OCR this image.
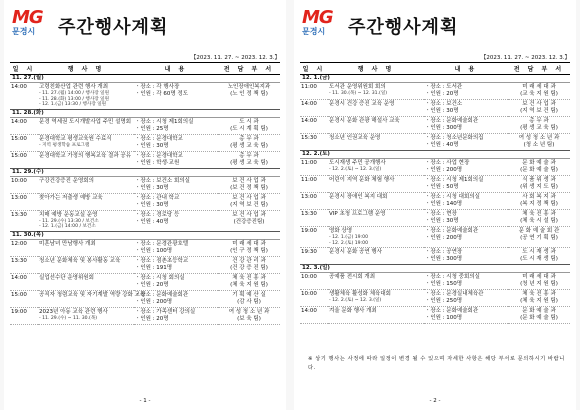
MG
문경시	주간행사계획
【2023. 11. 27. ~ 2023. 12. 3.】
일 시	행 사 명	내 용	전 담 부 서
11. 27.(월)			
14:00	고령친화산업 관련 행사 개최
- 11. 27.(월) 14:00 / 행사장 일원
- 11. 28.(화) 13:00 / 행사장 일원
- 12. 1.(금) 13:30 / 행사장 일원	ㆍ장소 : 각 행사장
ㆍ인원 : 각 60명 정도	노인장애인복지과
(노 인 정 책 팀)

11. 28.(화)			
14:00	문경 역세권 도시개발사업 주민 설명회	ㆍ장소 : 시청 제1회의실
ㆍ인원 : 25명	도 시 과
(도 시 계 획 팀)

15:00	문경대학교 평생교육원 수료식
- 지역 평생학습 프로그램	ㆍ장소 : 문경대학교
ㆍ인원 : 30명	총 무 과
(평 생 교 육 팀)

15:00	문경대학교 가정의 행복교육 결과 공유	ㆍ장소 : 문경대학교
ㆍ인원 : 학생·교원	총 무 과
(평 생 교 육 팀)

11. 29.(수)			
10:00	구강건강증진 운영회의	ㆍ장소 : 보건소 회의실
ㆍ인원 : 30명	보 건 사 업 과
(보 건 정 책 팀)

13:00	찾아가는 저출생 예방 교육	ㆍ장소 : 관내 학교
ㆍ인원 : 30명	보 건 사 업 과
(지 역 보 건 팀)

13:30	치매 예방 운동교실 운영
- 11. 29.(수) 13:30 / 보건소
- 12. 1.(금) 14:00 / 보건소	ㆍ장소 : 경로당 등
ㆍ인원 : 40명	보 건 사 업 과
(건강증진팀)

11. 30.(목)			
12:00	미혼남녀 만남행사 개최	ㆍ장소 : 문경관광호텔
ㆍ인원 : 100명	미 래 세 대 과
(인 구 정 책 팀)

13:30	청소년 문화체육 및 봉사활동 교육	ㆍ장소 : 점촌초등학교
ㆍ인원 : 191명	건 강 관 리 과
(건 강 증 진 팀)

14:00	실업선수단 운영위원회	ㆍ장소 : 시청 회의실
ㆍ인원 : 20명	체 육 진 흥 과
(체 육 지 원 팀)

15:00	공직자 청렴교육 및 자기계발 역량 강화 교육	ㆍ장소 : 문화예술회관
ㆍ인원 : 200명	기 획 예 산 실
(감 사 팀)

19:00	2023년 아동 교육 관련 행사
- 11. 29.(수) ~ 11. 30.(목)	ㆍ장소 : 가족센터 강의실
ㆍ인원 : 20명	여 성 청 소 년 과
(보 육 팀)
- 1 -
MG
문경시	주간행사계획
【2023. 11. 27. ~ 2023. 12. 3.】
일 시	행 사 명	내 용	전 담 부 서
12. 1.(금)			
11:00	도서관 운영위원회 회의
- 11. 30.(목) ~ 12. 31.(일)	ㆍ장소 : 도서관
ㆍ인원 : 20명	미 래 세 대 과
(교 육 지 원 팀)

14:00	문경시 건강 증진 교육 운영	ㆍ장소 : 보건소
ㆍ인원 : 30명	보 건 사 업 과
(지 역 보 건 팀)

14:00	문경시 문화 관광 해설사 교육	ㆍ장소 : 문화예술회관
ㆍ인원 : 300명	총 무 과
(평 생 교 육 팀)

15:30	청소년 인권교육 운영	ㆍ장소 : 청소년문화의집
ㆍ인원 : 40명	여 성 청 소 년 과
(청 소 년 팀)

12. 2.(토)			
11:00	도시재생 주민 공개행사
- 12. 2.(토) ~ 12. 3.(일)	ㆍ장소 : 사업 현장
ㆍ인원 : 200명	문 화 예 술 과
(문 화 예 술 팀)

11:00	어린이 지역 문화 체험 행사	ㆍ장소 : 시청 제1회의실
ㆍ인원 : 50명	식 품 위 생 과
(위 생 지 도 팀)

13:00	문경시 장애인 복지 대회	ㆍ장소 : 시청 대회의실
ㆍ인원 : 140명	사 회 복 지 과
(복 지 정 책 팀)

13:30	VIP 초청 프로그램 운영	ㆍ장소 : 현장
ㆍ인원 : 30명	체 육 진 흥 과
(체 육 시 설 팀)

19:00	영화 상영
- 12. 1.(금) 19:00
- 12. 2.(토) 19:00	ㆍ장소 : 문화예술회관
ㆍ인원 : 200명	문 화 예 술 회 관
(공 연 기 획 팀)

19:30	문경시 문화 공연 행사	ㆍ장소 : 공연장
ㆍ인원 : 300명	도 시 재 생 과
(도 시 재 생 팀)

12. 3.(일)			
10:00	공예품 전시회 개최	ㆍ장소 : 시청 중회의실
ㆍ인원 : 150명	미 래 세 대 과
(청 년 지 원 팀)

10:00	생활체육 활성화 체육대회
- 12. 2.(토) ~ 12. 3.(일)	ㆍ장소 : 문경실내체육관
ㆍ인원 : 250명	체 육 진 흥 과
(체 육 지 원 팀)

14:00	겨울 문화 행사 개최	ㆍ장소 : 문화예술회관
ㆍ인원 : 100명	문 화 예 술 과
(문 화 예 술 팀)
※ 상기 행사는 사정에 따라 일정이 변경 될 수 있으며 자세한 사항은 해당 부서로 문의하시기 바랍니다.
- 2 -
